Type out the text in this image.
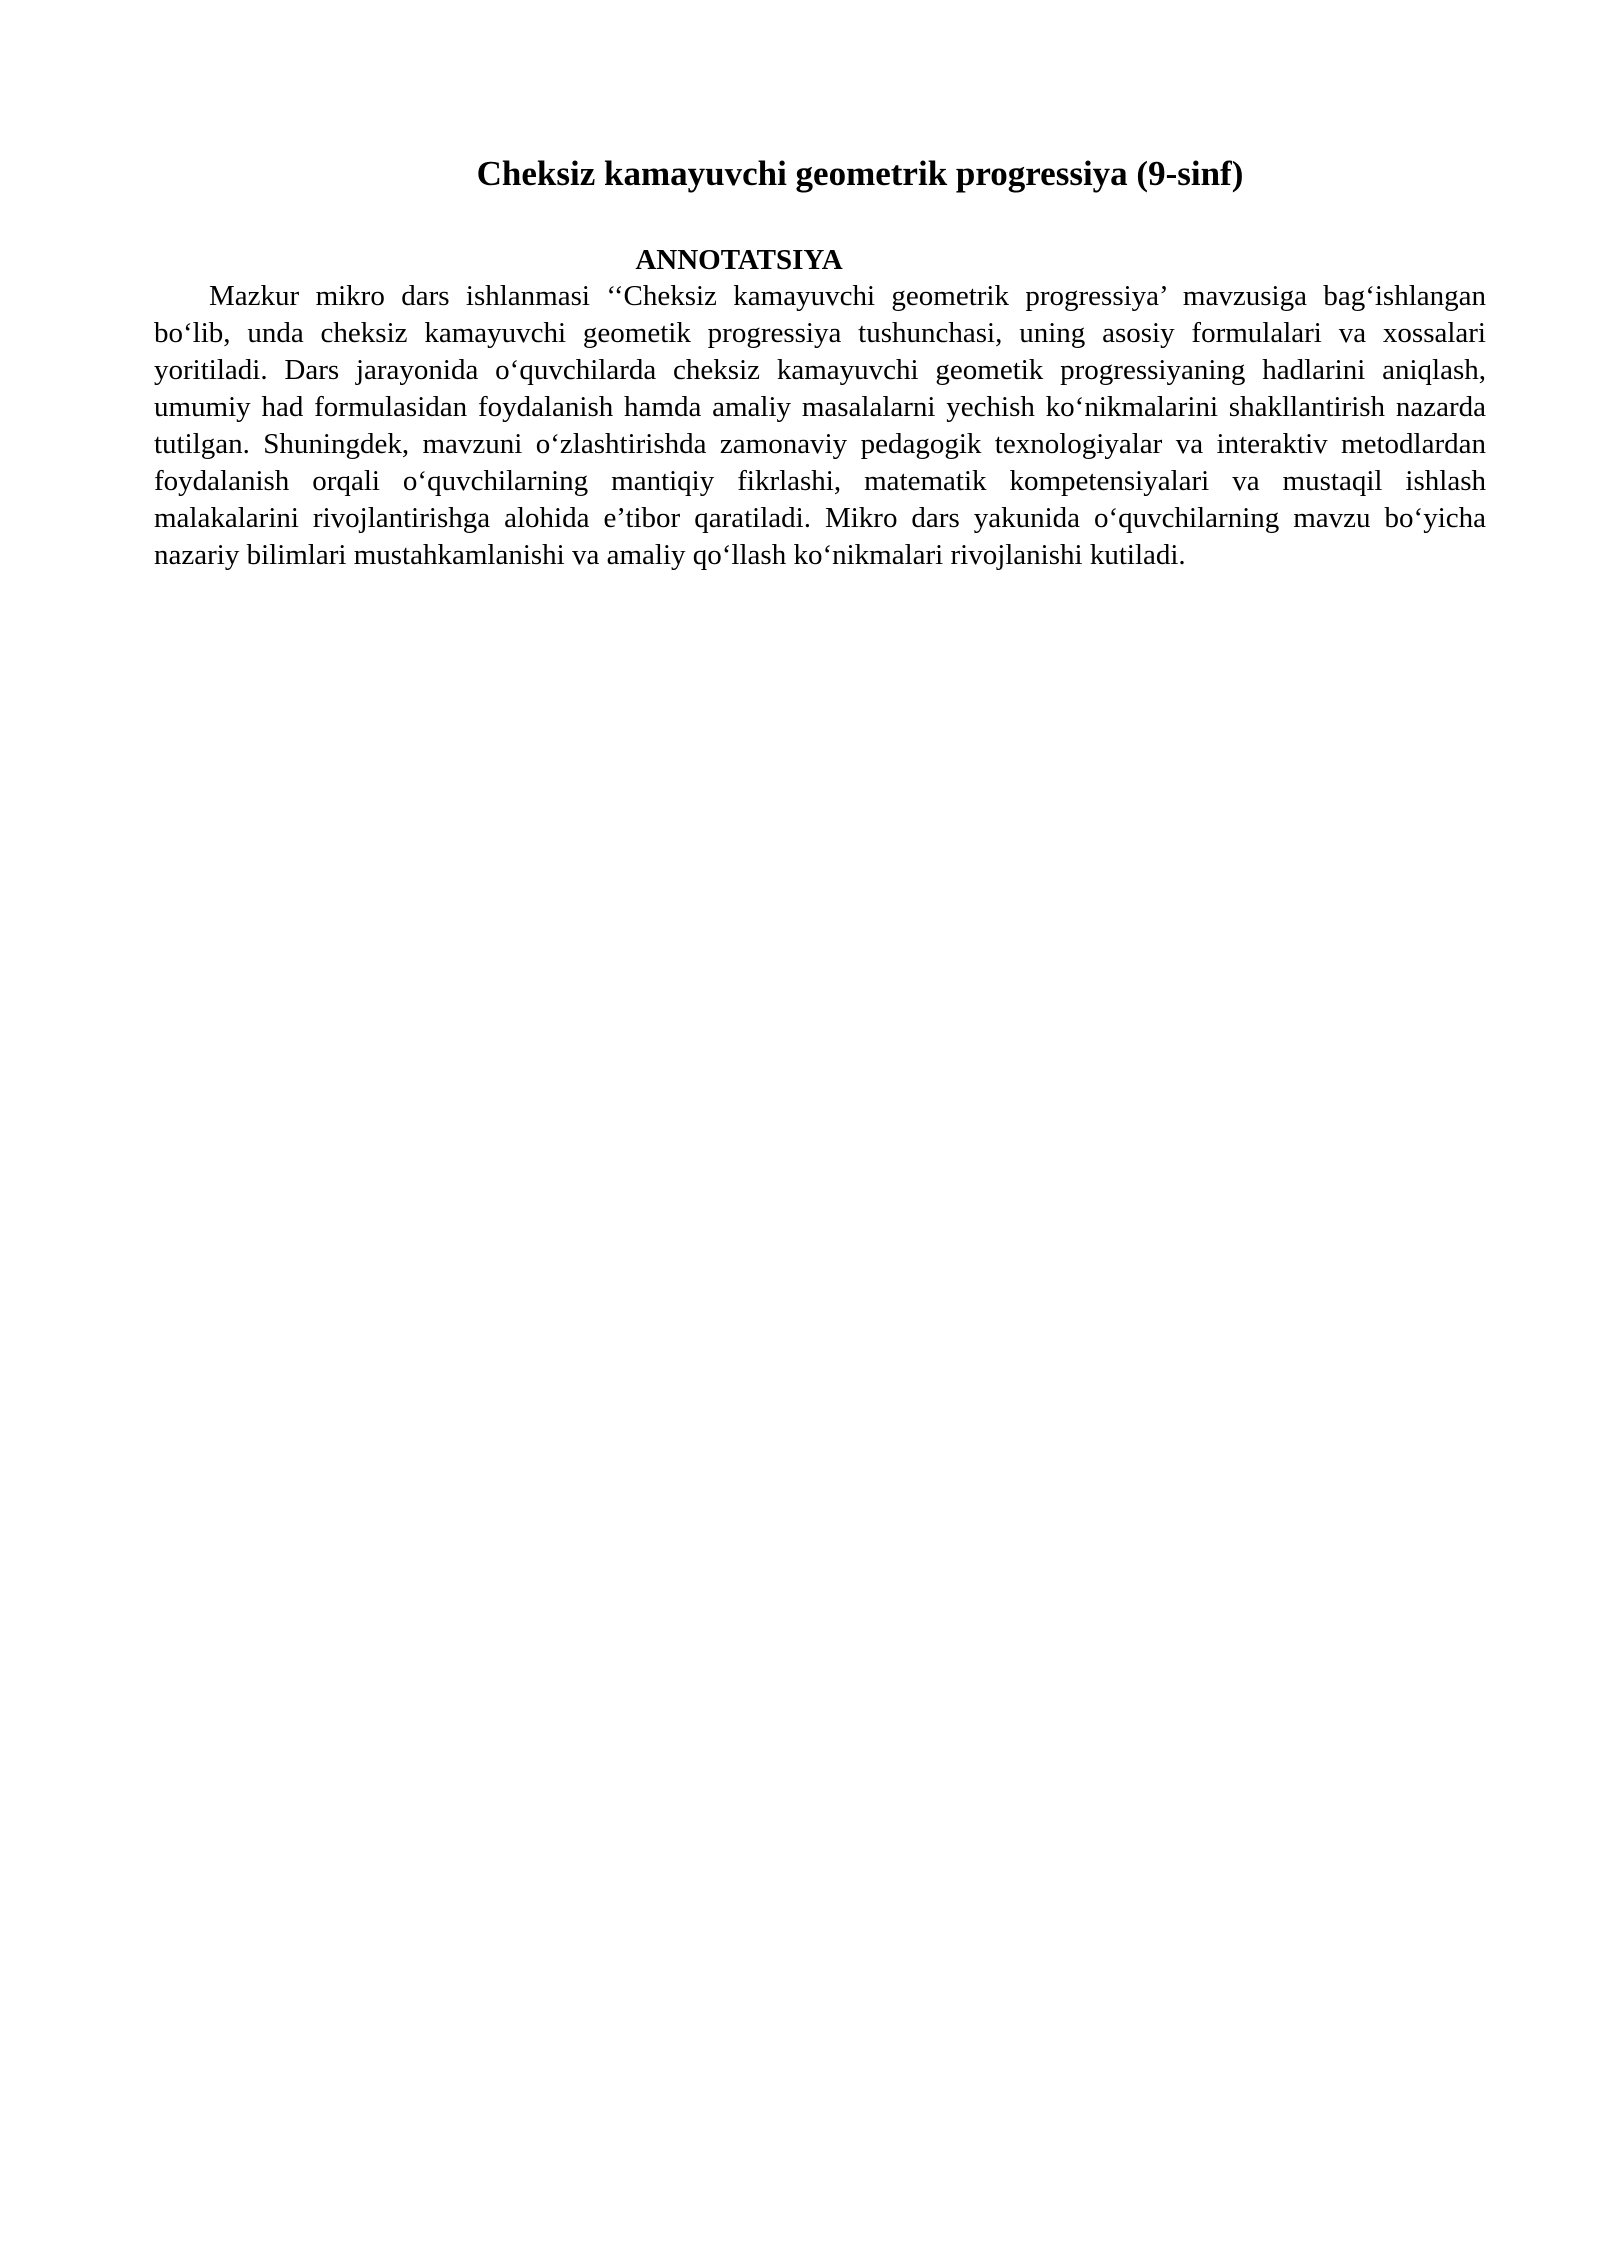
Cheksiz kamayuvchi geometrik progressiya (9-sinf)
ANNOTATSIYA

Mazkur mikro dars ishlanmasi ‘‘Cheksiz kamayuvchi geometrik progressiya’ mavzusiga bag‘ishlangan bo‘lib, unda cheksiz kamayuvchi geometik progressiya tushunchasi, uning asosiy formulalari va xossalari yoritiladi. Dars jarayonida o‘quvchilarda cheksiz kamayuvchi geometik progressiyaning hadlarini aniqlash, umumiy had formulasidan foydalanish hamda amaliy masalalarni yechish ko‘nikmalarini shakllantirish nazarda tutilgan. Shuningdek, mavzuni o‘zlashtirishda zamonaviy pedagogik texnologiyalar va interaktiv metodlardan foydalanish orqali o‘quvchilarning mantiqiy fikrlashi, matematik kompetensiyalari va mustaqil ishlash malakalarini rivojlantirishga alohida e’tibor qaratiladi. Mikro dars yakunida o‘quvchilarning mavzu bo‘yicha nazariy bilimlari mustahkamlanishi va amaliy qo‘llash ko‘nikmalari rivojlanishi kutiladi.
